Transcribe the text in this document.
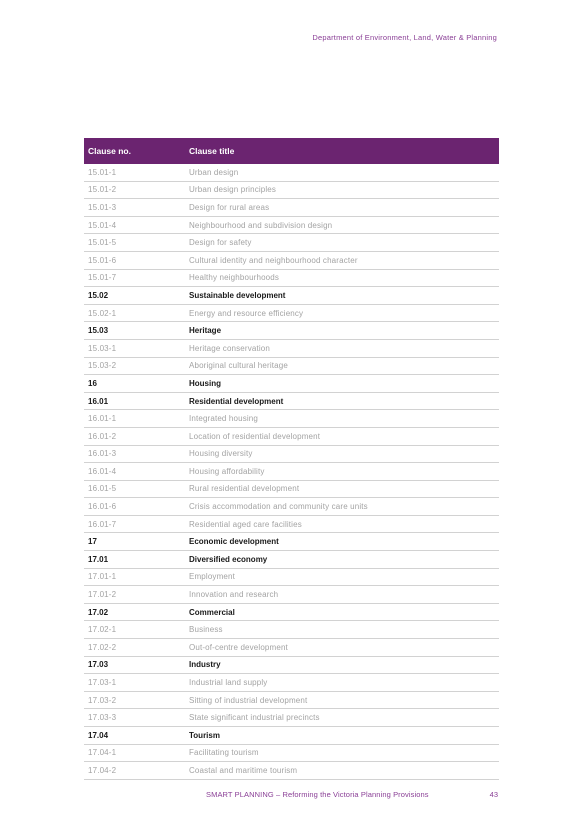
Department of Environment, Land, Water & Planning
Clause no.	Clause title
15.01-1	Urban design
15.01-2	Urban design principles
15.01-3	Design for rural areas
15.01-4	Neighbourhood and subdivision design
15.01-5	Design for safety
15.01-6	Cultural identity and neighbourhood character
15.01-7	Healthy neighbourhoods
15.02	Sustainable development
15.02-1	Energy and resource efficiency
15.03	Heritage
15.03-1	Heritage conservation
15.03-2	Aboriginal cultural heritage
16	Housing
16.01	Residential development
16.01-1	Integrated housing
16.01-2	Location of residential development
16.01-3	Housing diversity
16.01-4	Housing affordability
16.01-5	Rural residential development
16.01-6	Crisis accommodation and community care units
16.01-7	Residential aged care facilities
17	Economic development
17.01	Diversified economy
17.01-1	Employment
17.01-2	Innovation and research
17.02	Commercial
17.02-1	Business
17.02-2	Out-of-centre development
17.03	Industry
17.03-1	Industrial land supply
17.03-2	Sitting of industrial development
17.03-3	State significant industrial precincts
17.04	Tourism
17.04-1	Facilitating tourism
17.04-2	Coastal and maritime tourism
SMART PLANNING – Reforming the Victoria Planning Provisions	43
